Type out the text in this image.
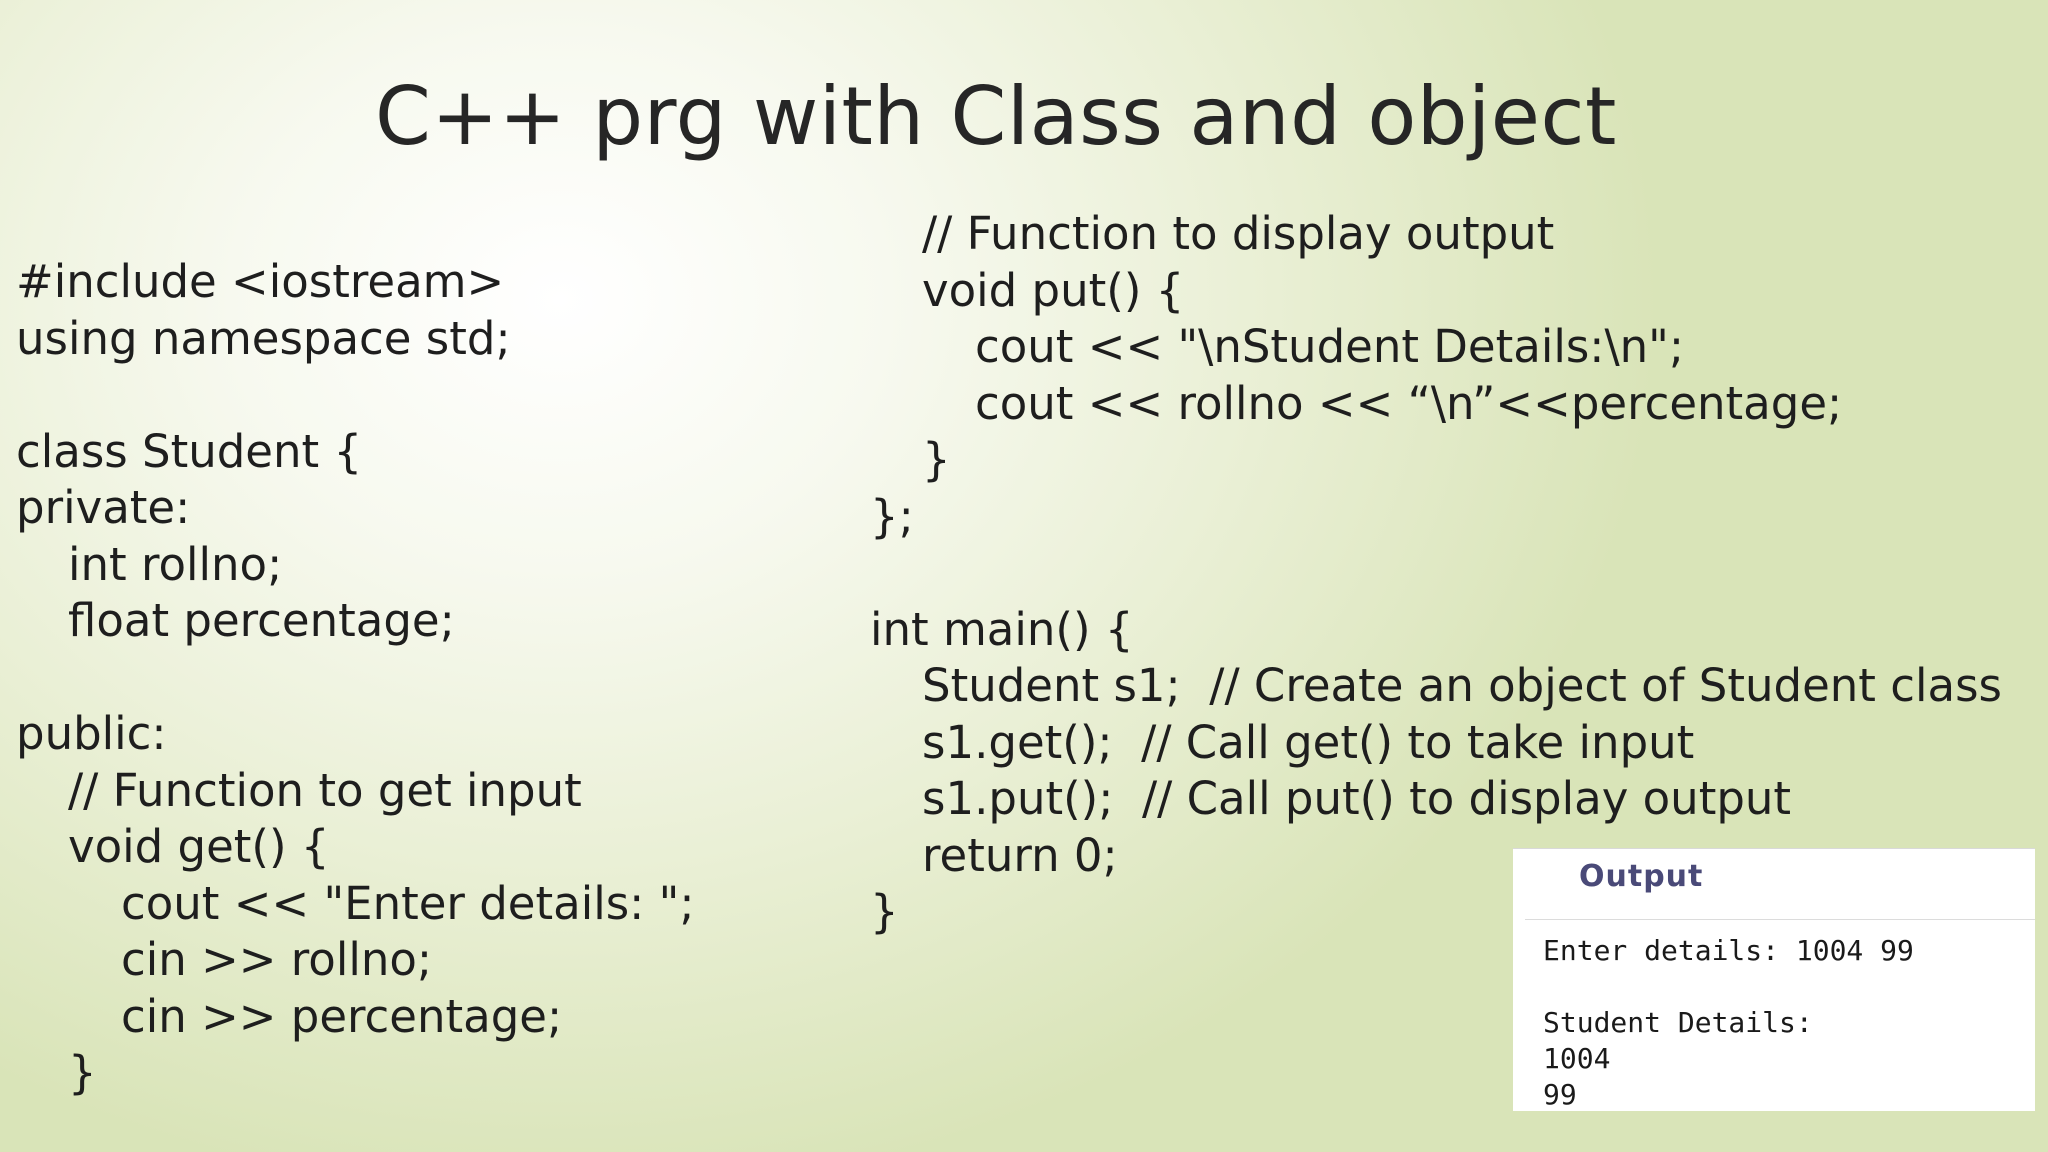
C++ prg with Class and object
#include <iostream>
using namespace std;
class Student {
private:
int rollno;
float percentage;
public:
// Function to get input
void get() {
cout << "Enter details: ";
cin >> rollno;
cin >> percentage;
}
// Function to display output
void put() {
cout << "\nStudent Details:\n";
cout << rollno << “\n”<<percentage;
}
};
int main() {
Student s1;  // Create an object of Student class
s1.get();  // Call get() to take input
s1.put();  // Call put() to display output
return 0;
}
Output
Enter details: 1004 99
Student Details:
1004
99
